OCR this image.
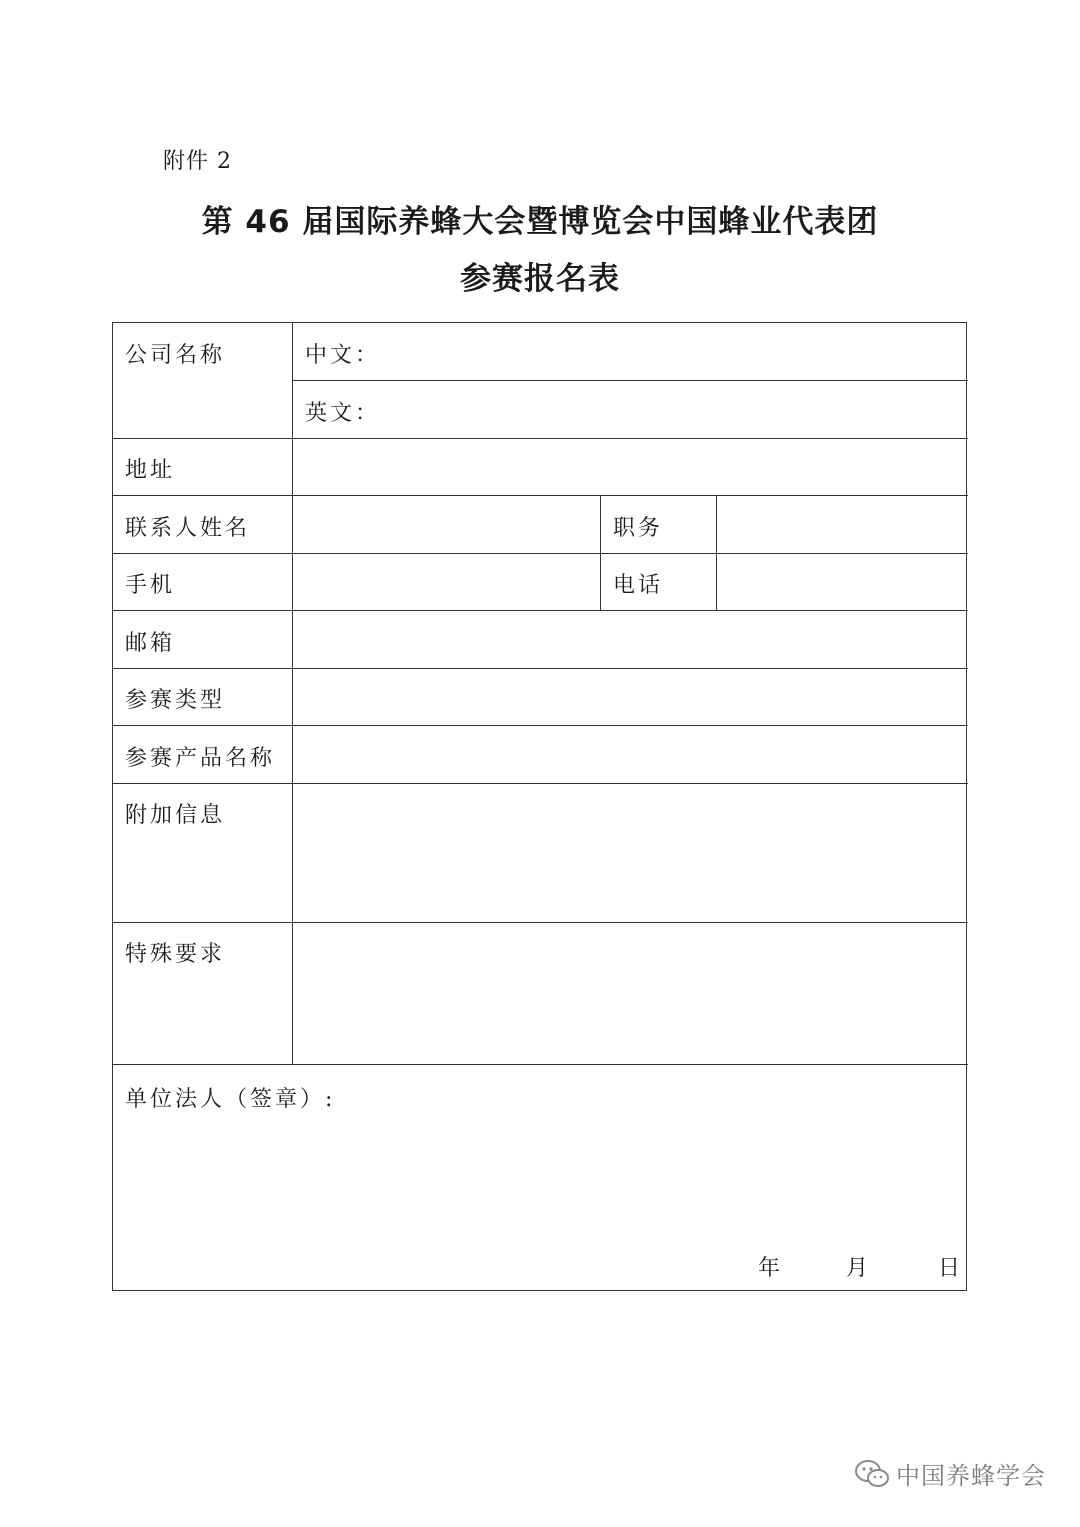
附件 2
第 46 届国际养蜂大会暨博览会中国蜂业代表团
参赛报名表
公司名称	中文：
英文：
地址
联系人姓名	职务
手机	电话
邮箱
参赛类型
参赛产品名称
附加信息
特殊要求
单位法人（签章）:
年	月	日
中国养蜂学会
